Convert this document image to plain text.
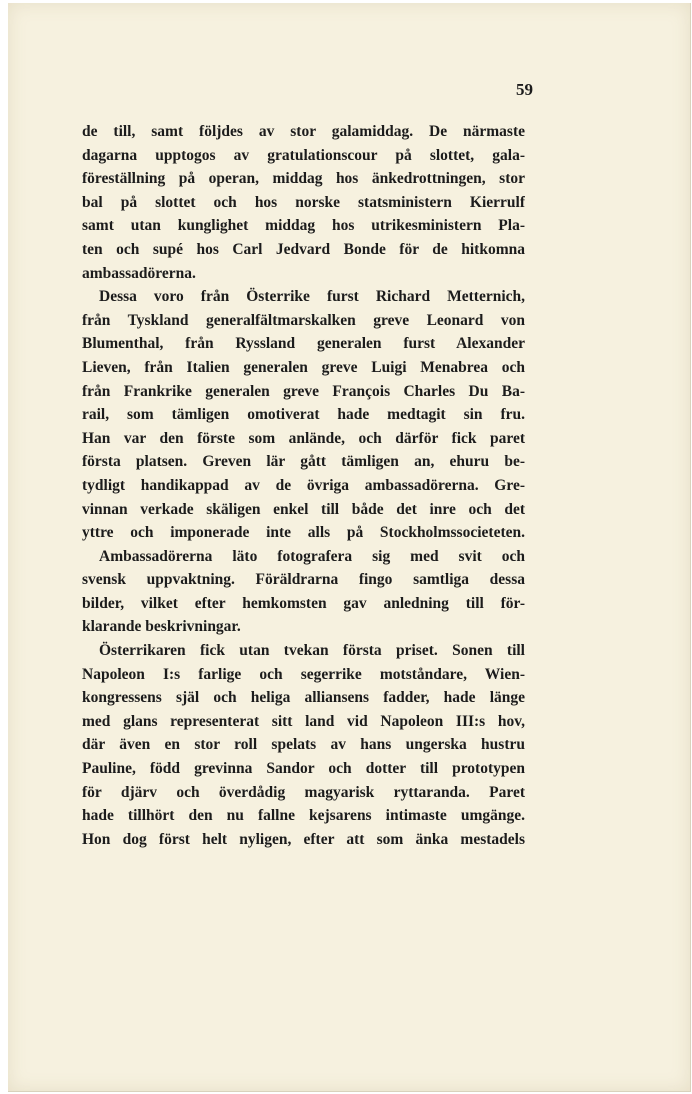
59
de till, samt följdes av stor galamiddag. De närmaste
dagarna upptogos av gratulationscour på slottet, gala-
föreställning på operan, middag hos änkedrottningen, stor
bal på slottet och hos norske statsministern Kierrulf
samt utan kunglighet middag hos utrikesministern Pla-
ten och supé hos Carl Jedvard Bonde för de hitkomna
ambassadörerna.
Dessa voro från Österrike furst Richard Metternich,
från Tyskland generalfältmarskalken greve Leonard von
Blumenthal, från Ryssland generalen furst Alexander
Lieven, från Italien generalen greve Luigi Menabrea och
från Frankrike generalen greve François Charles Du Ba-
rail, som tämligen omotiverat hade medtagit sin fru.
Han var den förste som anlände, och därför fick paret
första platsen. Greven lär gått tämligen an, ehuru be-
tydligt handikappad av de övriga ambassadörerna. Gre-
vinnan verkade skäligen enkel till både det inre och det
yttre och imponerade inte alls på Stockholmssocieteten.
Ambassadörerna läto fotografera sig med svit och
svensk uppvaktning. Föräldrarna fingo samtliga dessa
bilder, vilket efter hemkomsten gav anledning till för-
klarande beskrivningar.
Österrikaren fick utan tvekan första priset. Sonen till
Napoleon I:s farlige och segerrike motståndare, Wien-
kongressens själ och heliga alliansens fadder, hade länge
med glans representerat sitt land vid Napoleon III:s hov,
där även en stor roll spelats av hans ungerska hustru
Pauline, född grevinna Sandor och dotter till prototypen
för djärv och överdådig magyarisk ryttaranda. Paret
hade tillhört den nu fallne kejsarens intimaste umgänge.
Hon dog först helt nyligen, efter att som änka mestadels
